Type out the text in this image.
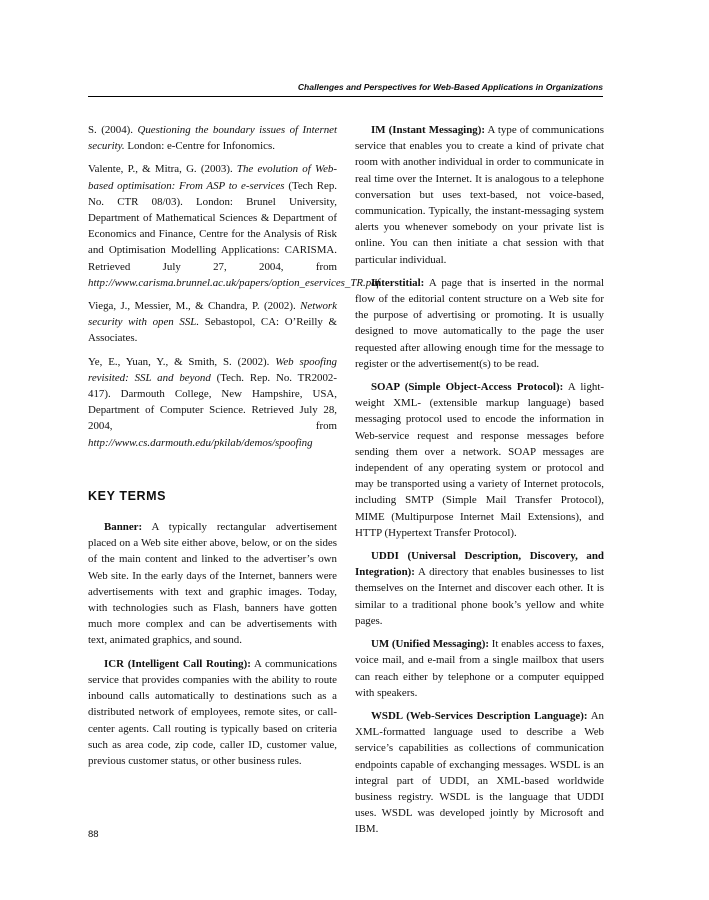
Challenges and Perspectives for Web-Based Applications in Organizations

S. (2004). Questioning the boundary issues of Internet security. London: e-Centre for Infonomics.

Valente, P., & Mitra, G. (2003). The evolution of Web-based optimisation: From ASP to e-services (Tech Rep. No. CTR 08/03). London: Brunel University, Department of Mathematical Sciences & Department of Economics and Finance, Centre for the Analysis of Risk and Optimisation Modelling Applications: CARISMA. Retrieved July 27, 2004, from http://www.carisma.brunnel.ac.uk/papers/option_eservices_TR.pdf

Viega, J., Messier, M., & Chandra, P. (2002). Network security with open SSL. Sebastopol, CA: O’Reilly & Associates.

Ye, E., Yuan, Y., & Smith, S. (2002). Web spoofing revisited: SSL and beyond (Tech. Rep. No. TR2002-417). Darmouth College, New Hampshire, USA, Department of Computer Science. Retrieved July 28, 2004, from http://www.cs.darmouth.edu/pkilab/demos/spoofing

KEY TERMS

Banner: A typically rectangular advertisement placed on a Web site either above, below, or on the sides of the main content and linked to the advertiser’s own Web site. In the early days of the Internet, banners were advertisements with text and graphic images. Today, with technologies such as Flash, banners have gotten much more complex and can be advertisements with text, animated graphics, and sound.

ICR (Intelligent Call Routing): A communications service that provides companies with the ability to route inbound calls automatically to destinations such as a distributed network of employees, remote sites, or call-center agents. Call routing is typically based on criteria such as area code, zip code, caller ID, customer value, previous customer status, or other business rules.

IM (Instant Messaging): A type of communications service that enables you to create a kind of private chat room with another individual in order to communicate in real time over the Internet. It is analogous to a telephone conversation but uses text-based, not voice-based, communication. Typically, the instant-messaging system alerts you whenever somebody on your private list is online. You can then initiate a chat session with that particular individual.

Interstitial: A page that is inserted in the normal flow of the editorial content structure on a Web site for the purpose of advertising or promoting. It is usually designed to move automatically to the page the user requested after allowing enough time for the message to register or the advertisement(s) to be read.

SOAP (Simple Object-Access Protocol): A light-weight XML- (extensible markup language) based messaging protocol used to encode the information in Web-service request and response messages before sending them over a network. SOAP messages are independent of any operating system or protocol and may be transported using a variety of Internet protocols, including SMTP (Simple Mail Transfer Protocol), MIME (Multipurpose Internet Mail Extensions), and HTTP (Hypertext Transfer Protocol).

UDDI (Universal Description, Discovery, and Integration): A directory that enables businesses to list themselves on the Internet and discover each other. It is similar to a traditional phone book’s yellow and white pages.

UM (Unified Messaging): It enables access to faxes, voice mail, and e-mail from a single mailbox that users can reach either by telephone or a computer equipped with speakers.

WSDL (Web-Services Description Language): An XML-formatted language used to describe a Web service’s capabilities as collections of communication endpoints capable of exchanging messages. WSDL is an integral part of UDDI, an XML-based worldwide business registry. WSDL is the language that UDDI uses. WSDL was developed jointly by Microsoft and IBM.

88
